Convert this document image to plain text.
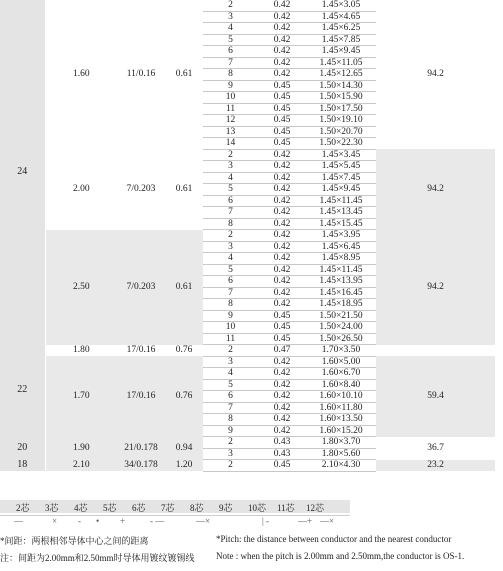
24	1.60	11/0.16	0.61	2	0.42	1.45×3.05	94.2
				3	0.42	1.45×4.65	
				4	0.42	1.45×6.25	
				5	0.42	1.45×7.85	
				6	0.42	1.45×9.45	
				7	0.42	1.45×11.05	
				8	0.42	1.45×12.65	
				9	0.45	1.50×14.30	
				10	0.45	1.50×15.90	
				11	0.45	1.50×17.50	
				12	0.45	1.50×19.10	
				13	0.45	1.50×20.70	
				14	0.45	1.50×22.30	
	2.00	7/0.203	0.61	2	0.42	1.45×3.45	94.2
				3	0.42	1.45×5.45	
				4	0.42	1.45×7.45	
				5	0.42	1.45×9.45	
				6	0.42	1.45×11.45	
				7	0.42	1.45×13.45	
				8	0.42	1.45×15.45	
	2.50	7/0.203	0.61	2	0.42	1.45×3.95	94.2
				3	0.42	1.45×6.45	
				4	0.42	1.45×8.95	
				5	0.42	1.45×11.45	
				6	0.42	1.45×13.95	
				7	0.42	1.45×16.45	
				8	0.42	1.45×18.95	
				9	0.45	1.50×21.50	
				10	0.45	1.50×24.00	
				11	0.45	1.50×26.50	
22	1.80	17/0.16	0.76	2	0.47	1.70×3.50	
	1.70	17/0.16	0.76	3	0.42	1.60×5.00	59.4
				4	0.42	1.60×6.70	
				5	0.42	1.60×8.40	
				6	0.42	1.60×10.10	
				7	0.42	1.60×11.80	
				8	0.42	1.60×13.50	
				9	0.42	1.60×15.20	
20	1.90	21/0.178	0.94	2	0.43	1.80×3.70	36.7
				3	0.43	1.80×5.60	
18	2.10	34/0.178	1.20	2	0.45	2.10×4.30	23.2
2芯 3芯 4芯 5芯 6芯 7芯 8芯 9芯 10芯 11芯 12芯
—	× - • +	- —	—×	| -	—+ —×
*间距：两根相邻导体中心之间的距离	*Pitch: the distance between conductor and the nearest conductor
注：间距为2.00mm和2.50mm时导体用镀纹镀锡线 Note : when the pitch is 2.00mm and 2.50mm,the conductor is OS-1.
